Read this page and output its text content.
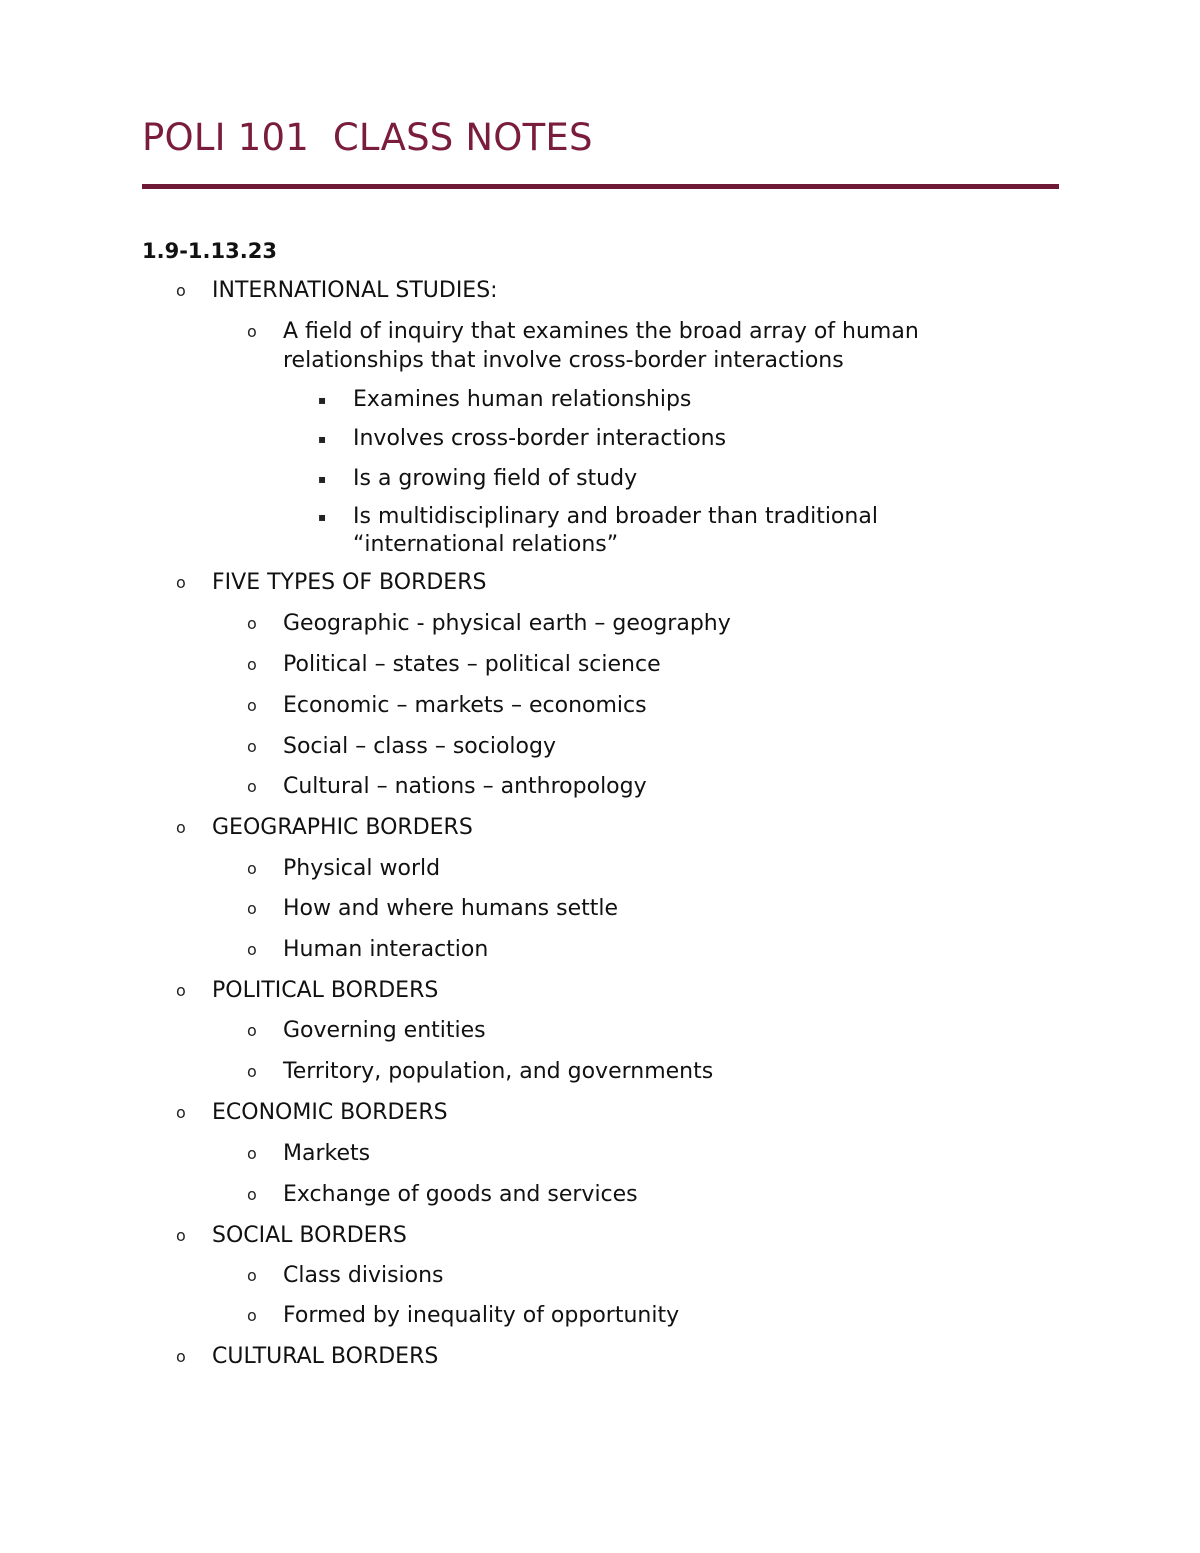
POLI 101  CLASS NOTES
1.9-1.13.23
o INTERNATIONAL STUDIES:
o A field of inquiry that examines the broad array of human
relationships that involve cross-border interactions
▪ Examines human relationships
▪ Involves cross-border interactions
▪ Is a growing field of study
▪ Is multidisciplinary and broader than traditional
“international relations”
o FIVE TYPES OF BORDERS
o Geographic - physical earth – geography
o Political – states – political science
o Economic – markets – economics
o Social – class – sociology
o Cultural – nations – anthropology
o GEOGRAPHIC BORDERS
o Physical world
o How and where humans settle
o Human interaction
o POLITICAL BORDERS
o Governing entities
o Territory, population, and governments
o ECONOMIC BORDERS
o Markets
o Exchange of goods and services
o SOCIAL BORDERS
o Class divisions
o Formed by inequality of opportunity
o CULTURAL BORDERS
